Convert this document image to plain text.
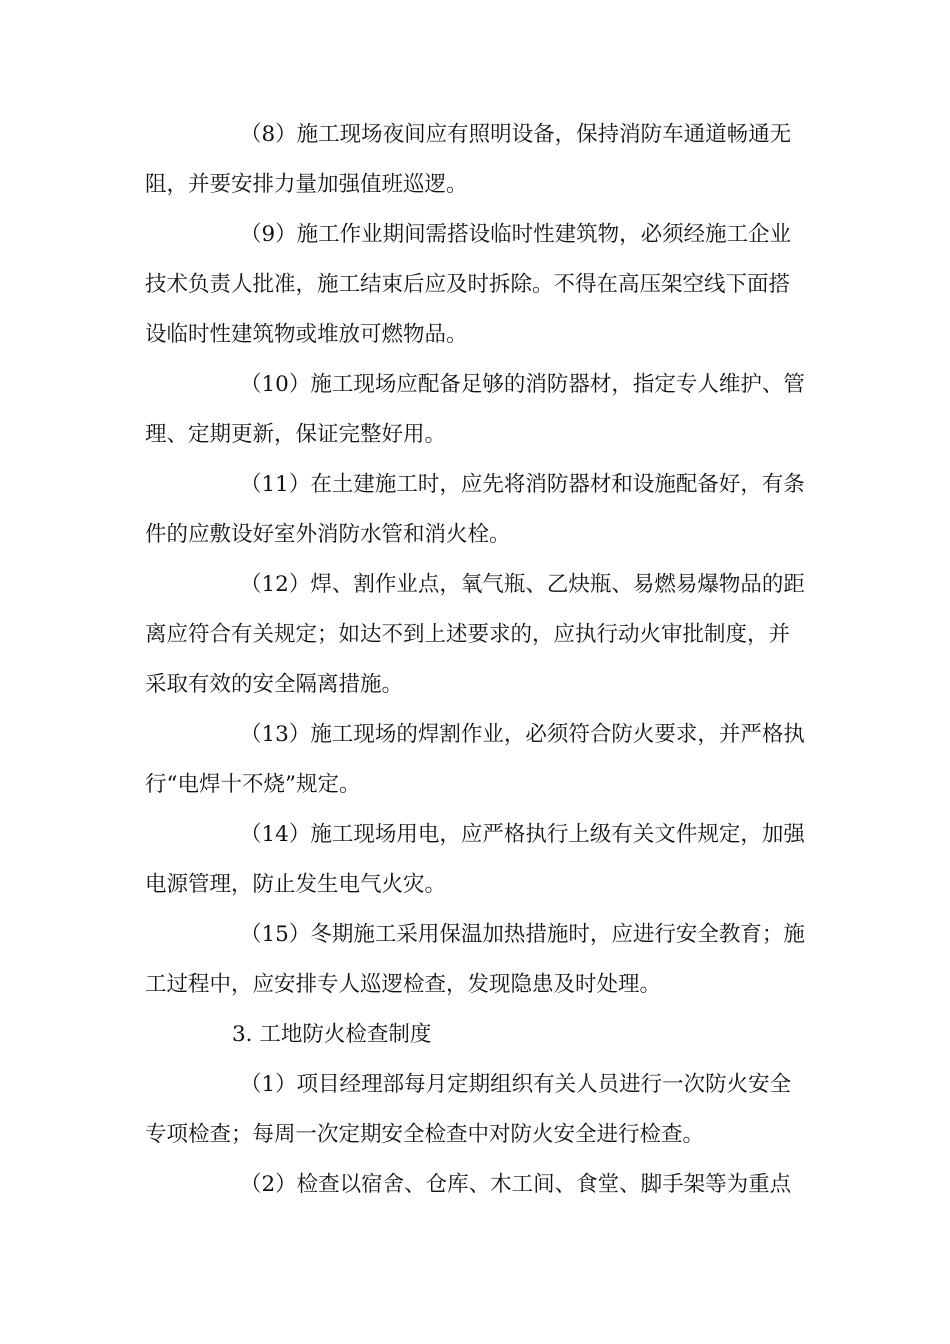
（8）施工现场夜间应有照明设备，保持消防车通道畅通无

阻，并要安排力量加强值班巡逻。

（9）施工作业期间需搭设临时性建筑物，必须经施工企业

技术负责人批准，施工结束后应及时拆除。不得在高压架空线下面搭

设临时性建筑物或堆放可燃物品。

（10）施工现场应配备足够的消防器材，指定专人维护、管

理、定期更新，保证完整好用。

（11）在土建施工时，应先将消防器材和设施配备好，有条

件的应敷设好室外消防水管和消火栓。

（12）焊、割作业点，氧气瓶、乙炔瓶、易燃易爆物品的距

离应符合有关规定；如达不到上述要求的，应执行动火审批制度，并

采取有效的安全隔离措施。

（13）施工现场的焊割作业，必须符合防火要求，并严格执

行“电焊十不烧”规定。

（14）施工现场用电，应严格执行上级有关文件规定，加强

电源管理，防止发生电气火灾。

（15）冬期施工采用保温加热措施时，应进行安全教育；施

工过程中，应安排专人巡逻检查，发现隐患及时处理。

3. 工地防火检查制度

（1）项目经理部每月定期组织有关人员进行一次防火安全

专项检查；每周一次定期安全检查中对防火安全进行检查。

（2）检查以宿舍、仓库、木工间、食堂、脚手架等为重点
